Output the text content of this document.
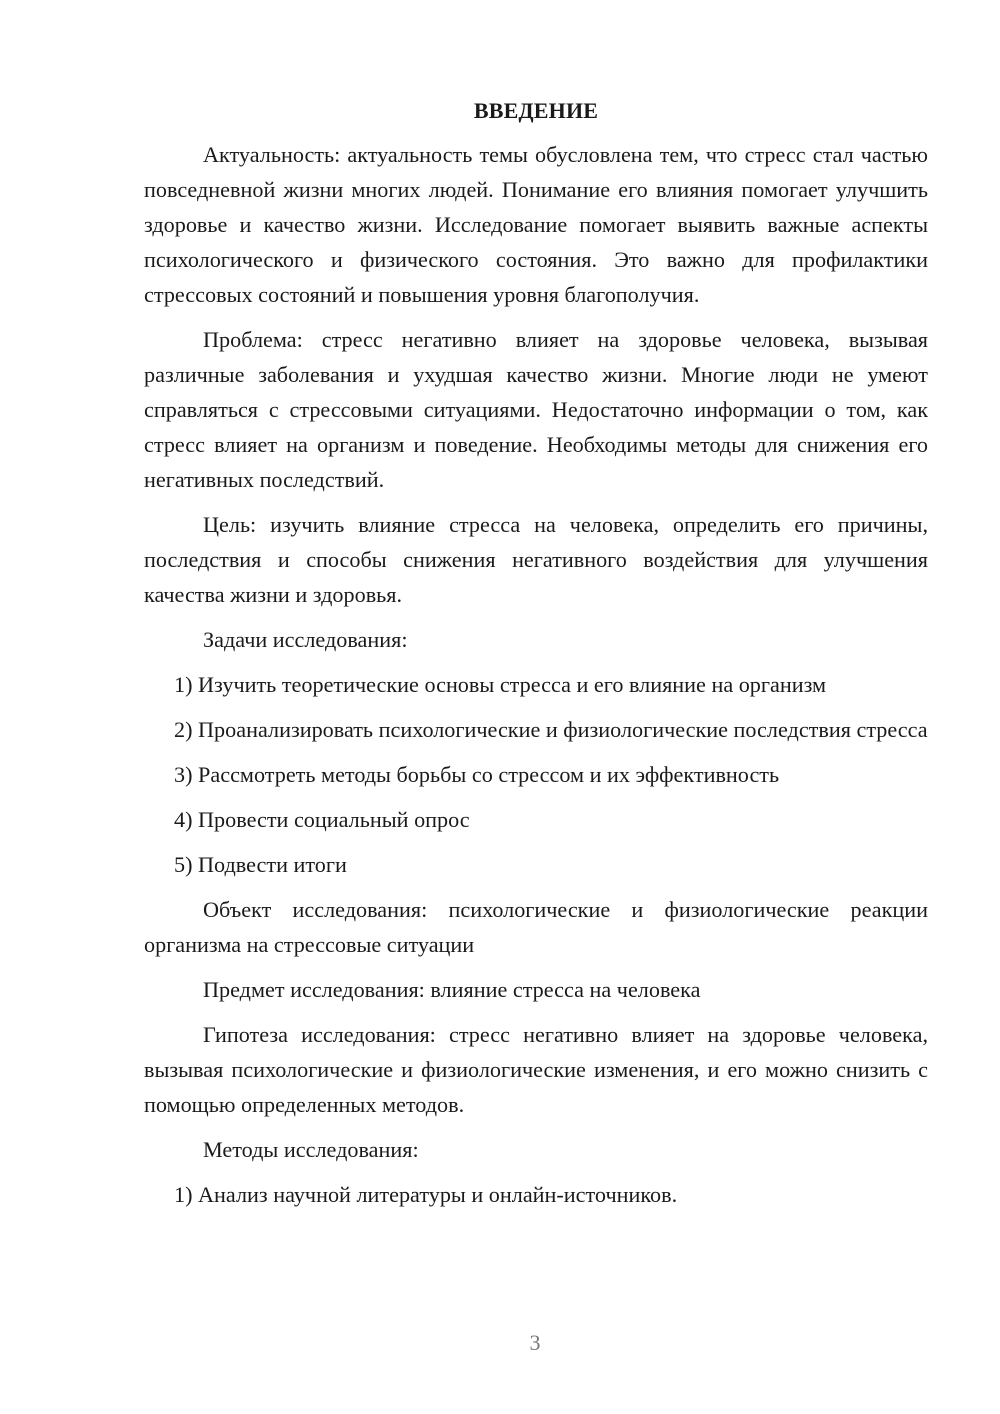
ВВЕДЕНИЕ

Актуальность: актуальность темы обусловлена тем, что стресс стал частью повседневной жизни многих людей. Понимание его влияния помогает улучшить здоровье и качество жизни. Исследование помогает выявить важные аспекты психологического и физического состояния. Это важно для профилактики стрессовых состояний и повышения уровня благополучия.

Проблема: стресс негативно влияет на здоровье человека, вызывая различные заболевания и ухудшая качество жизни. Многие люди не умеют справляться с стрессовыми ситуациями. Недостаточно информации о том, как стресс влияет на организм и поведение. Необходимы методы для снижения его негативных последствий.

Цель: изучить влияние стресса на человека, определить его причины, последствия и способы снижения негативного воздействия для улучшения качества жизни и здоровья.

Задачи исследования:

1) Изучить теоретические основы стресса и его влияние на организм

2) Проанализировать психологические и физиологические последствия стресса

3) Рассмотреть методы борьбы со стрессом и их эффективность

4) Провести социальный опрос

5) Подвести итоги

Объект исследования: психологические и физиологические реакции организма на стрессовые ситуации

Предмет исследования: влияние стресса на человека

Гипотеза исследования: стресс негативно влияет на здоровье человека, вызывая психологические и физиологические изменения, и его можно снизить с помощью определенных методов.

Методы исследования:

1) Анализ научной литературы и онлайн-источников.

3
